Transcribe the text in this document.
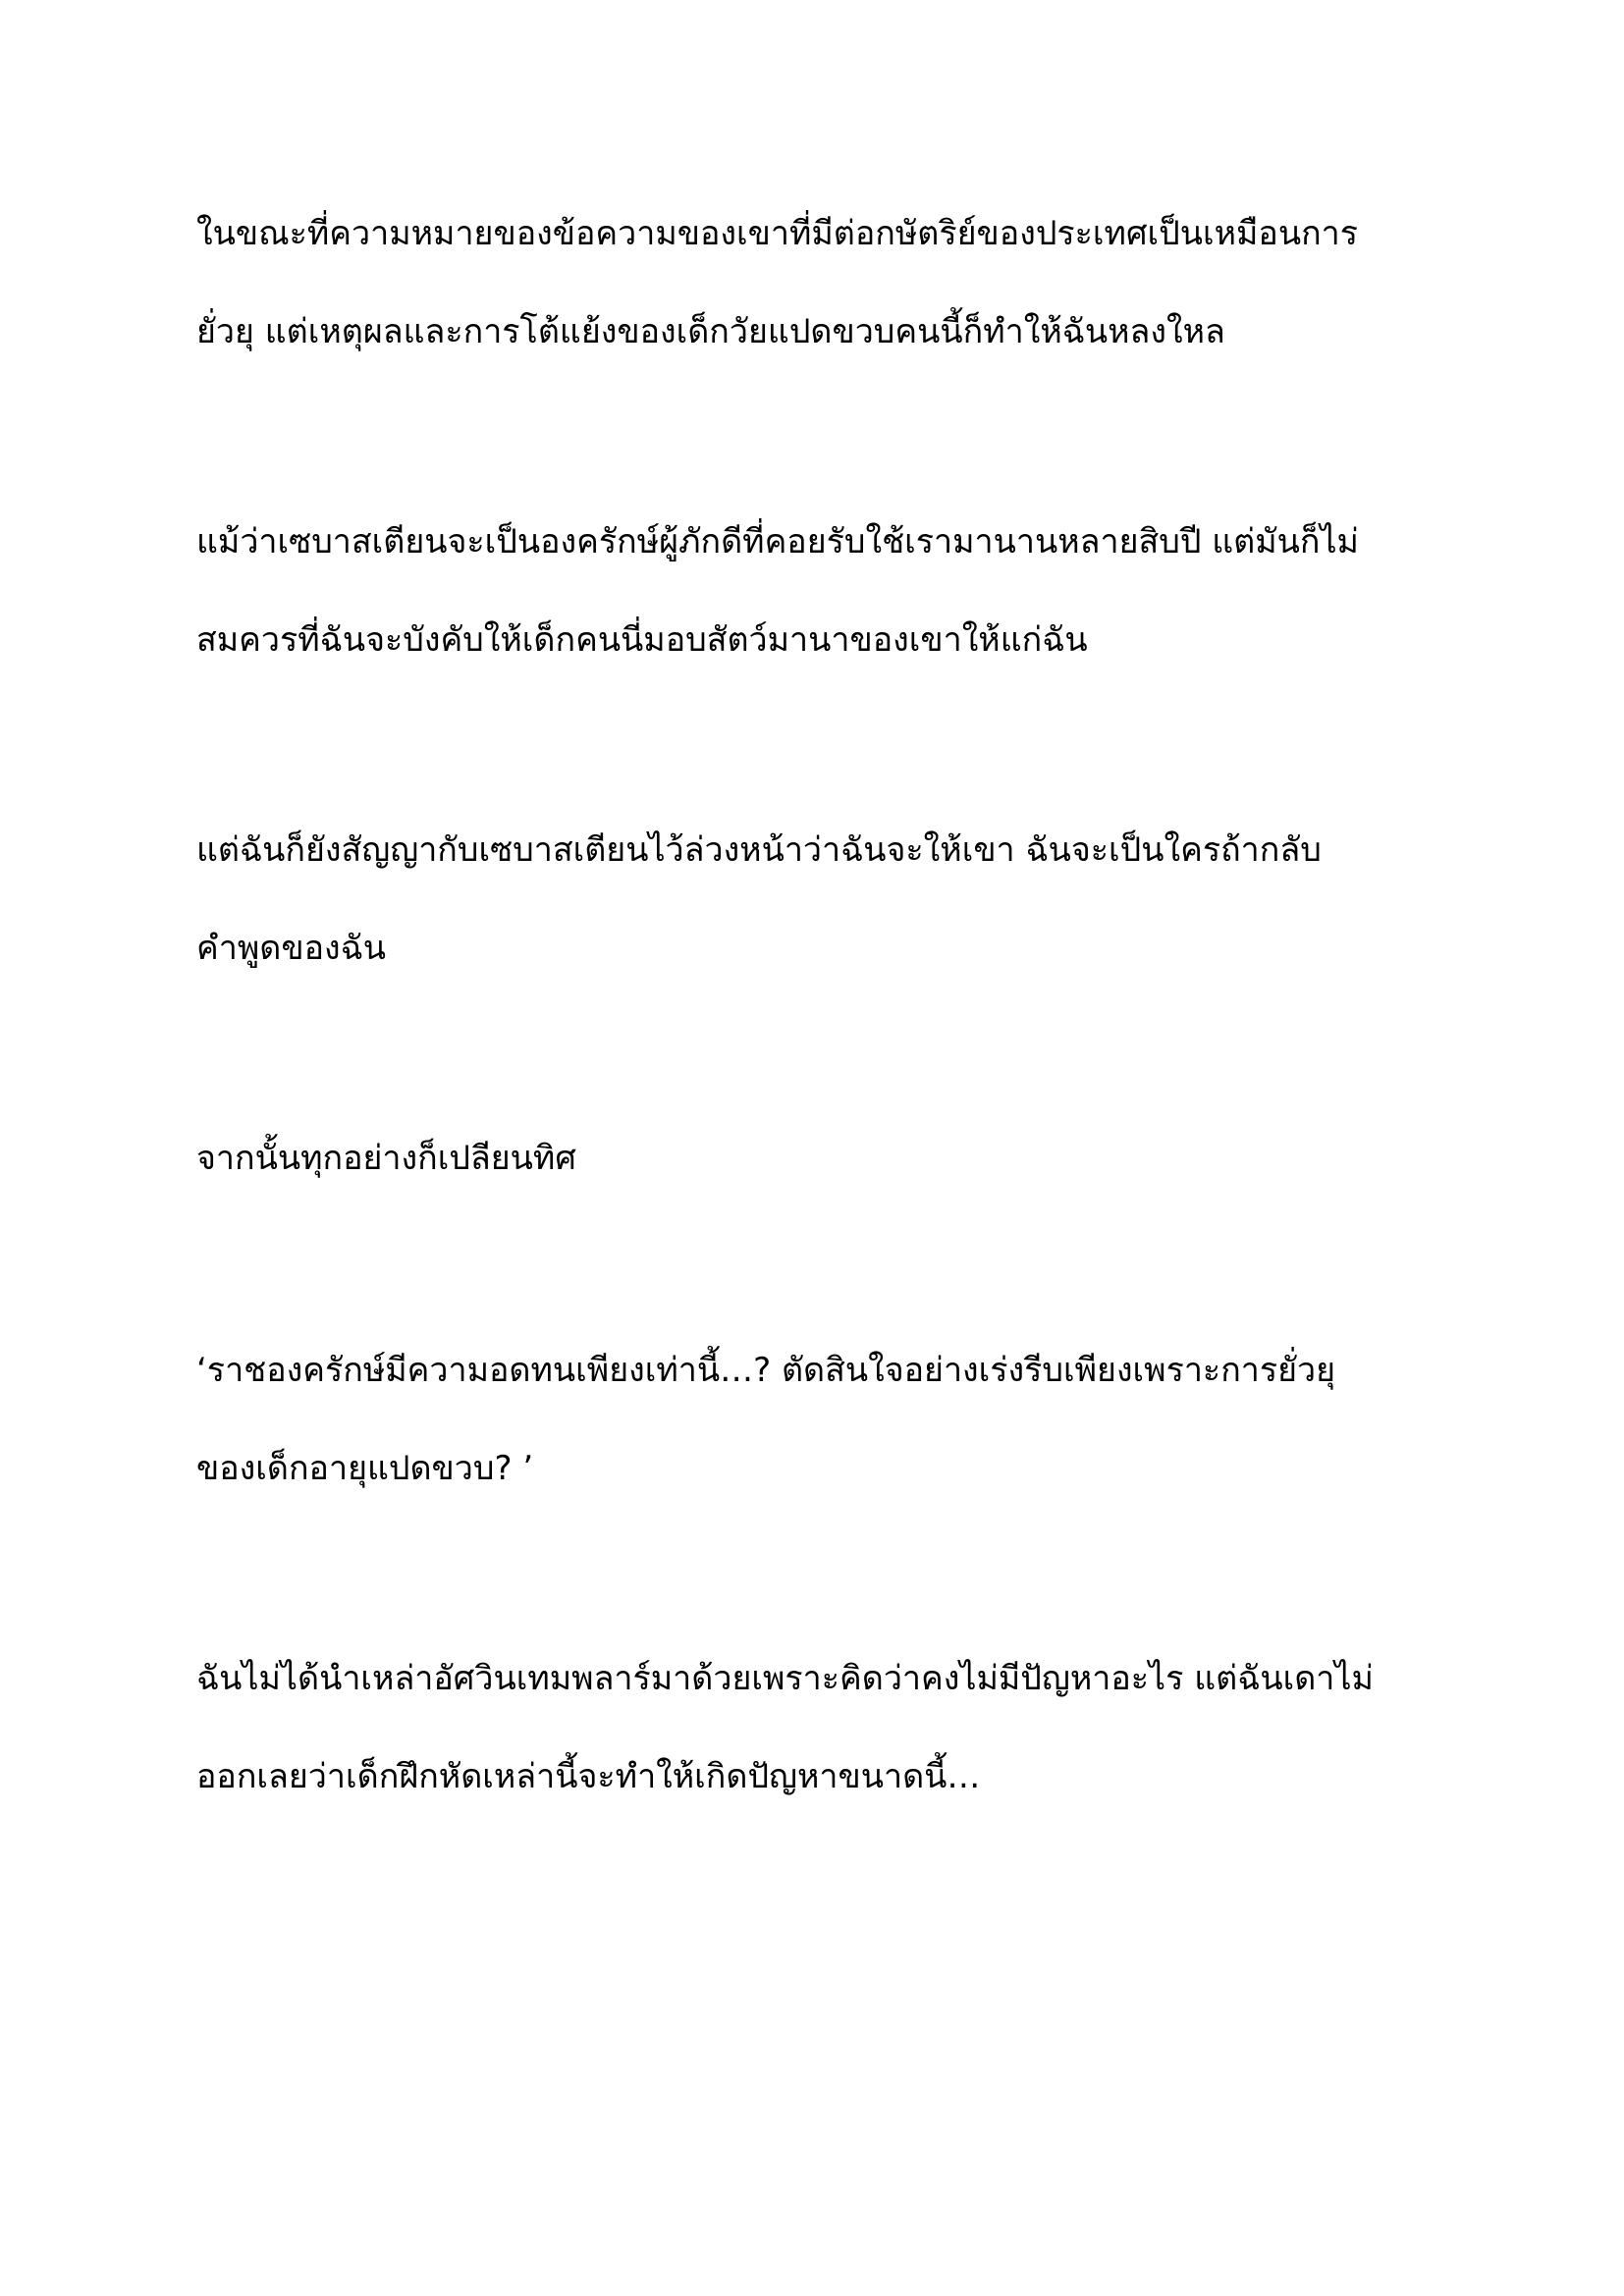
ในขณะที่ความหมายของข้อความของเขาที่มีต่อกษัตริย์ของประเทศเป็นเหมือนการ
ยั่วยุ แต่เหตุผลและการโต้แย้งของเด็กวัยแปดขวบคนนี้ก็ทำให้ฉันหลงใหล

แม้ว่าเซบาสเตียนจะเป็นองครักษ์ผู้ภักดีที่คอยรับใช้เรามานานหลายสิบปี แต่มันก็ไม่
สมควรที่ฉันจะบังคับให้เด็กคนนี่มอบสัตว์มานาของเขาให้แก่ฉัน

แต่ฉันก็ยังสัญญากับเซบาสเตียนไว้ล่วงหน้าว่าฉันจะให้เขา ฉันจะเป็นใครถ้ากลับ
คำพูดของฉัน

จากนั้นทุกอย่างก็เปลียนทิศ

‘ราชองครักษ์มีความอดทนเพียงเท่านี้…? ตัดสินใจอย่างเร่งรีบเพียงเพราะการยั่วยุ
ของเด็กอายุแปดขวบ? ’

ฉันไม่ได้นำเหล่าอัศวินเทมพลาร์มาด้วยเพราะคิดว่าคงไม่มีปัญหาอะไร แต่ฉันเดาไม่
ออกเลยว่าเด็กฝึกหัดเหล่านี้จะทำให้เกิดปัญหาขนาดนี้…
